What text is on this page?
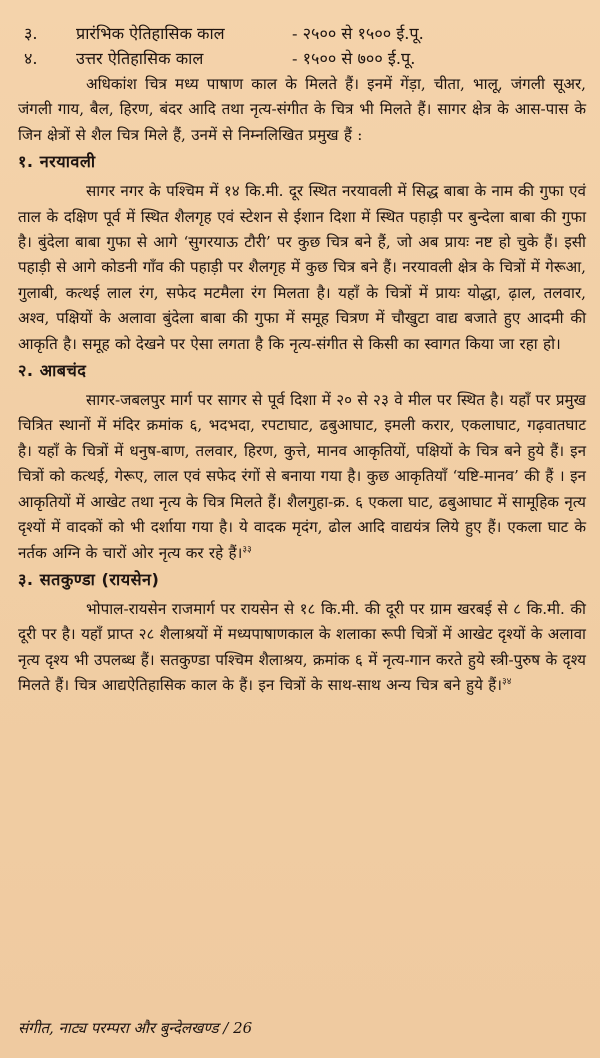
३.	प्रारंभिक ऐतिहासिक काल	- २५०० से १५०० ई.पू.
४.	उत्तर ऐतिहासिक काल	- १५०० से ७०० ई.पू.

अधिकांश चित्र मध्य पाषाण काल के मिलते हैं। इनमें गेंड़ा, चीता, भालू, जंगली सूअर, जंगली गाय, बैल, हिरण, बंदर आदि तथा नृत्य-संगीत के चित्र भी मिलते हैं। सागर क्षेत्र के आस-पास के जिन क्षेत्रों से शैल चित्र मिले हैं, उनमें से निम्नलिखित प्रमुख हैं :

१. नरयावली

सागर नगर के पश्चिम में १४ कि.मी. दूर स्थित नरयावली में सिद्ध बाबा के नाम की गुफा एवं ताल के दक्षिण पूर्व में स्थित शैलगृह एवं स्टेशन से ईशान दिशा में स्थित पहाड़ी पर बुन्देला बाबा की गुफा है। बुंदेला बाबा गुफा से आगे ‘सुगरयाऊ टौरी’ पर कुछ चित्र बने हैं, जो अब प्रायः नष्ट हो चुके हैं। इसी पहाड़ी से आगे कोडनी गाँव की पहाड़ी पर शैलगृह में कुछ चित्र बने हैं। नरयावली क्षेत्र के चित्रों में गेरूआ, गुलाबी, कत्थई लाल रंग, सफेद मटमैला रंग मिलता है। यहाँ के चित्रों में प्रायः योद्धा, ढ़ाल, तलवार, अश्व, पक्षियों के अलावा बुंदेला बाबा की गुफा में समूह चित्रण में चौखुटा वाद्य बजाते हुए आदमी की आकृति है। समूह को देखने पर ऐसा लगता है कि नृत्य-संगीत से किसी का स्वागत किया जा रहा हो।

२. आबचंद

सागर-जबलपुर मार्ग पर सागर से पूर्व दिशा में २० से २३ वे मील पर स्थित है। यहाँ पर प्रमुख चित्रित स्थानों में मंदिर क्रमांक ६, भदभदा, रपटाघाट, ढबुआघाट, इमली करार, एकलाघाट, गढ़वातघाट है। यहाँ के चित्रों में धनुष-बाण, तलवार, हिरण, कुत्ते, मानव आकृतियों, पक्षियों के चित्र बने हुये हैं। इन चित्रों को कत्थई, गेरूए, लाल एवं सफेद रंगों से बनाया गया है। कुछ आकृतियाँ ‘यष्टि-मानव’ की हैं । इन आकृतियों में आखेट तथा नृत्य के चित्र मिलते हैं। शैलगुहा-क्र. ६ एकला घाट, ढबुआघाट में सामूहिक नृत्य दृश्यों में वादकों को भी दर्शाया गया है। ये वादक मृदंग, ढोल आदि वाद्ययंत्र लिये हुए हैं। एकला घाट के नर्तक अग्नि के चारों ओर नृत्य कर रहे हैं।$^{३३}$

३. सतकुण्डा (रायसेन)

भोपाल-रायसेन राजमार्ग पर रायसेन से १८ कि.मी. की दूरी पर ग्राम खरबई से ८ कि.मी. की दूरी पर है। यहाँ प्राप्त २८ शैलाश्रयों में मध्यपाषाणकाल के शलाका रूपी चित्रों में आखेट दृश्यों के अलावा नृत्य दृश्य भी उपलब्ध हैं। सतकुण्डा पश्चिम शैलाश्रय, क्रमांक ६ में नृत्य-गान करते हुये स्त्री-पुरुष के दृश्य मिलते हैं। चित्र आद्यऐतिहासिक काल के हैं। इन चित्रों के साथ-साथ अन्य चित्र बने हुये हैं।$^{३४}$

संगीत, नाट्य परम्परा और बुन्देलखण्ड / 26
